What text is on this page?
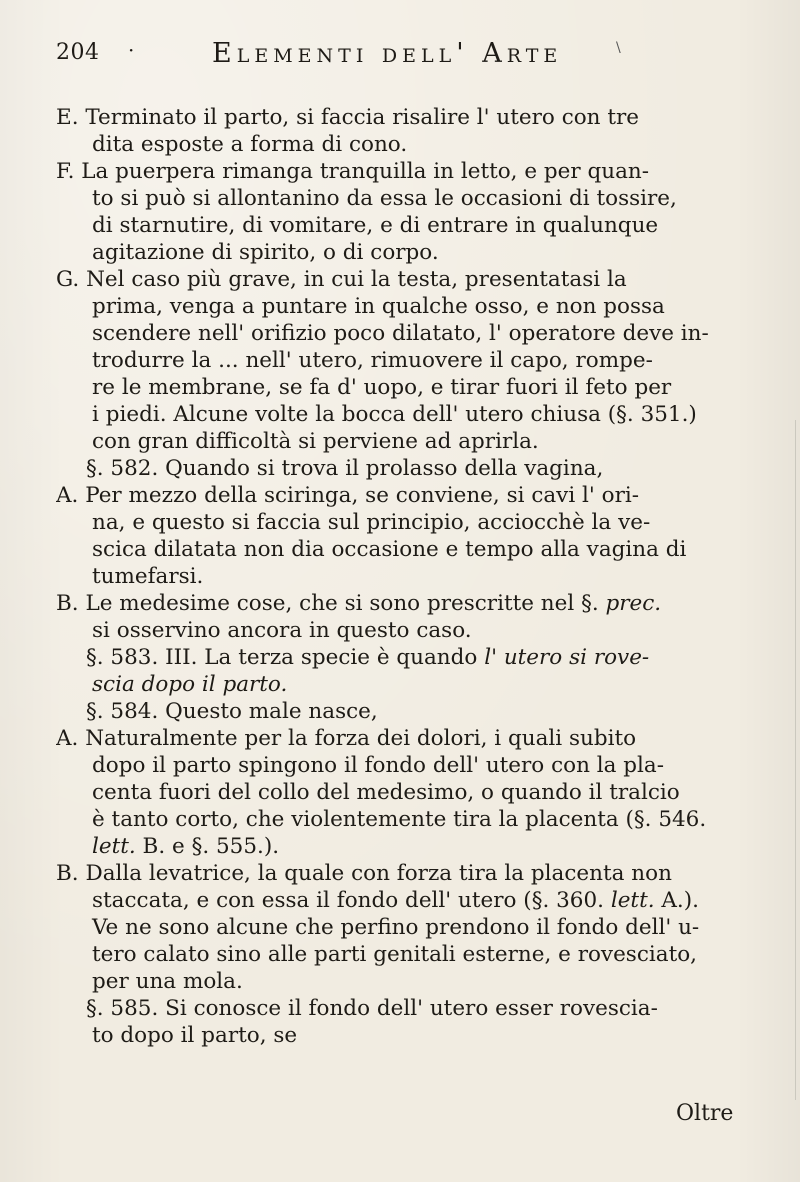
204 ·	Elementi dell' Arte	\
E. Terminato il parto, si faccia risalire l' utero con tre
dita esposte a forma di cono.
F. La puerpera rimanga tranquilla in letto, e per quan-
to si può si allontanino da essa le occasioni di tossire,
di starnutire, di vomitare, e di entrare in qualunque
agitazione di spirito, o di corpo.
G. Nel caso più grave, in cui la testa, presentatasi la
prima, venga a puntare in qualche osso, e non possa
scendere nell' orifizio poco dilatato, l' operatore deve in-
trodurre la ... nell' utero, rimuovere il capo, rompe-
re le membrane, se fa d' uopo, e tirar fuori il feto per
i piedi. Alcune volte la bocca dell' utero chiusa (§. 351.)
con gran difficoltà si perviene ad aprirla.
§. 582. Quando si trova il prolasso della vagina,
A. Per mezzo della sciringa, se conviene, si cavi l' ori-
na, e questo si faccia sul principio, acciocchè la ve-
scica dilatata non dia occasione e tempo alla vagina di
tumefarsi.
B. Le medesime cose, che si sono prescritte nel §. prec.
si osservino ancora in questo caso.
§. 583. III. La terza specie è quando l' utero si rove-
scia dopo il parto.
§. 584. Questo male nasce,
A. Naturalmente per la forza dei dolori, i quali subito
dopo il parto spingono il fondo dell' utero con la pla-
centa fuori del collo del medesimo, o quando il tralcio
è tanto corto, che violentemente tira la placenta (§. 546.
lett. B. e §. 555.).
B. Dalla levatrice, la quale con forza tira la placenta non
staccata, e con essa il fondo dell' utero (§. 360. lett. A.).
Ve ne sono alcune che perfino prendono il fondo dell' u-
tero calato sino alle parti genitali esterne, e rovesciato,
per una mola.
§. 585. Si conosce il fondo dell' utero esser rovescia-
to dopo il parto, se
Oltre
